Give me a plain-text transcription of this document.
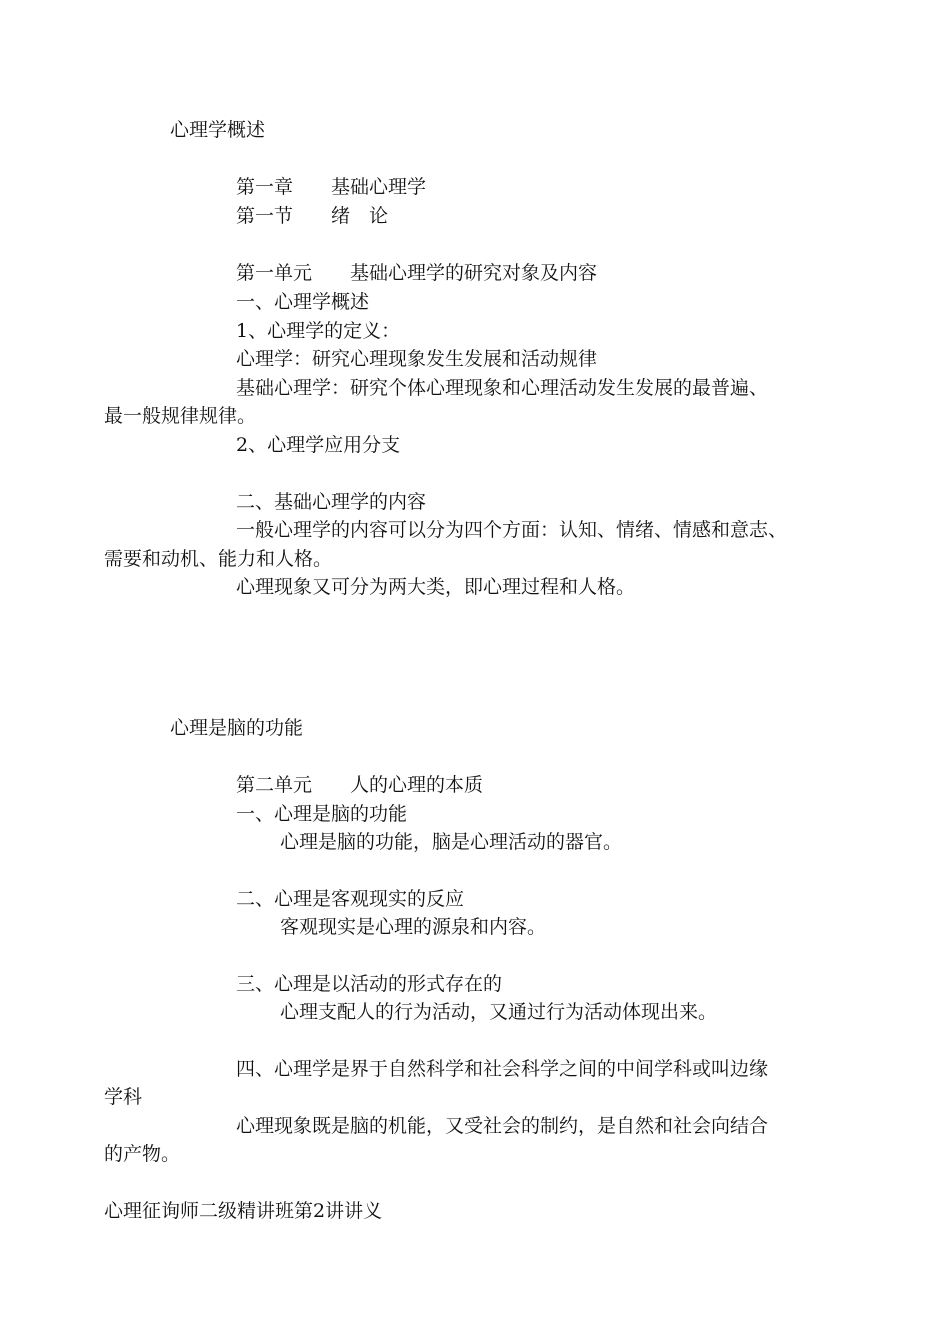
心理学概述

第一章　　基础心理学

第一节　　绪　论

第一单元　　基础心理学的研究对象及内容

一、心理学概述

1、心理学的定义：

心理学：研究心理现象发生发展和活动规律

基础心理学：研究个体心理现象和心理活动发生发展的最普遍、

最一般规律规律。

2、心理学应用分支

二、基础心理学的内容

一般心理学的内容可以分为四个方面：认知、情绪、情感和意志、

需要和动机、能力和人格。

心理现象又可分为两大类，即心理过程和人格。

心理是脑的功能

第二单元　　人的心理的本质

一、心理是脑的功能

心理是脑的功能，脑是心理活动的器官。

二、心理是客观现实的反应

客观现实是心理的源泉和内容。

三、心理是以活动的形式存在的

心理支配人的行为活动，又通过行为活动体现出来。

四、心理学是界于自然科学和社会科学之间的中间学科或叫边缘

学科

心理现象既是脑的机能，又受社会的制约，是自然和社会向结合

的产物。

心理征询师二级精讲班第2讲讲义
